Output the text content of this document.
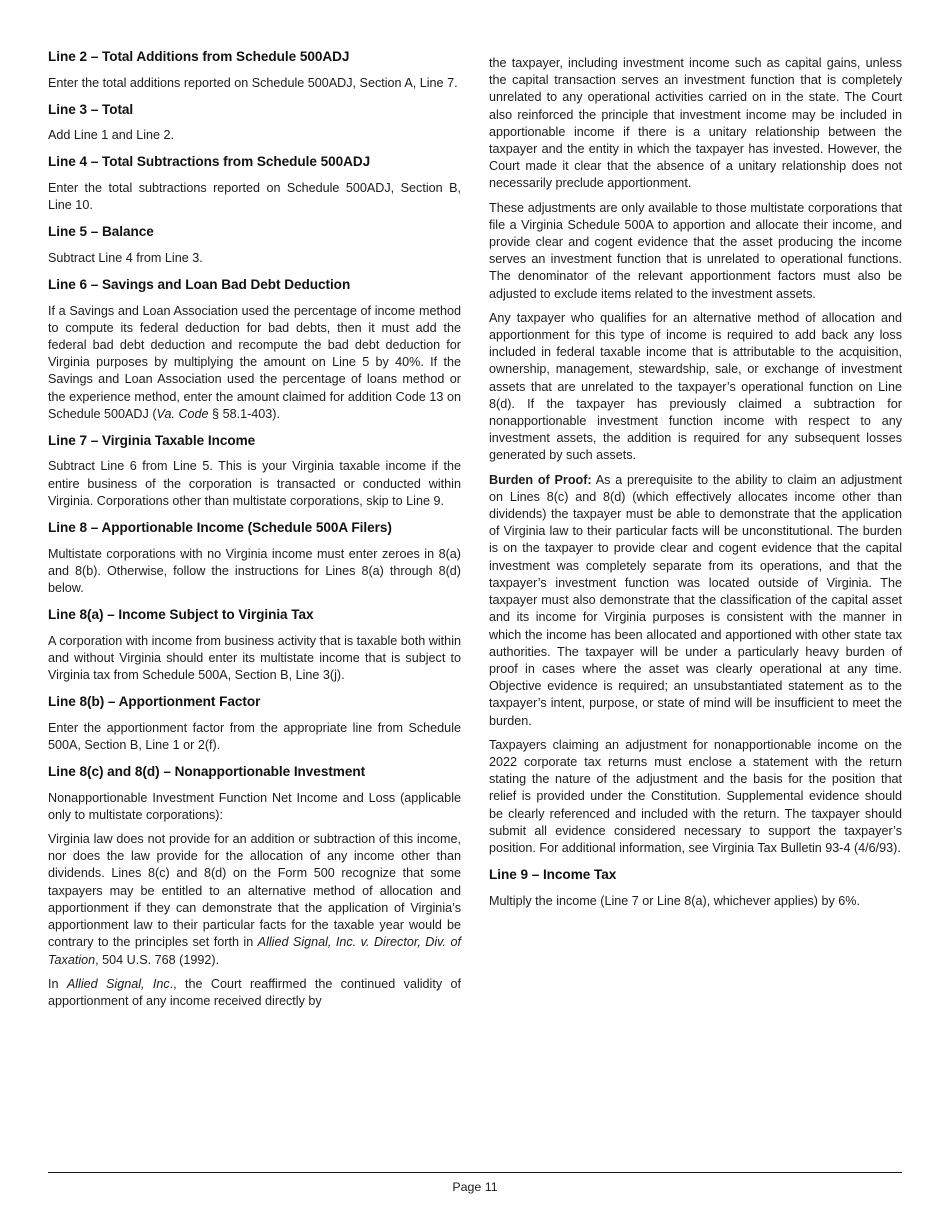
Line 2 – Total Additions from Schedule 500ADJ

Enter the total additions reported on Schedule 500ADJ, Section A, Line 7.

Line 3 – Total

Add Line 1 and Line 2.

Line 4 – Total Subtractions from Schedule 500ADJ

Enter the total subtractions reported on Schedule 500ADJ, Section B, Line 10.

Line 5 – Balance

Subtract Line 4 from Line 3.

Line 6 – Savings and Loan Bad Debt Deduction

If a Savings and Loan Association used the percentage of income method to compute its federal deduction for bad debts, then it must add the federal bad debt deduction and recompute the bad debt deduction for Virginia purposes by multiplying the amount on Line 5 by 40%. If the Savings and Loan Association used the percentage of loans method or the experience method, enter the amount claimed for addition Code 13 on Schedule 500ADJ (Va. Code § 58.1-403).

Line 7 – Virginia Taxable Income

Subtract Line 6 from Line 5. This is your Virginia taxable income if the entire business of the corporation is transacted or conducted within Virginia. Corporations other than multistate corporations, skip to Line 9.

Line 8 – Apportionable Income (Schedule 500A Filers)

Multistate corporations with no Virginia income must enter zeroes in 8(a) and 8(b). Otherwise, follow the instructions for Lines 8(a) through 8(d) below.

Line 8(a) – Income Subject to Virginia Tax

A corporation with income from business activity that is taxable both within and without Virginia should enter its multistate income that is subject to Virginia tax from Schedule 500A, Section B, Line 3(j).

Line 8(b) – Apportionment Factor

Enter the apportionment factor from the appropriate line from Schedule 500A, Section B, Line 1 or 2(f).

Line 8(c) and 8(d) – Nonapportionable Investment

Nonapportionable Investment Function Net Income and Loss (applicable only to multistate corporations):

Virginia law does not provide for an addition or subtraction of this income, nor does the law provide for the allocation of any income other than dividends. Lines 8(c) and 8(d) on the Form 500 recognize that some taxpayers may be entitled to an alternative method of allocation and apportionment if they can demonstrate that the application of Virginia’s apportionment law to their particular facts for the taxable year would be contrary to the principles set forth in Allied Signal, Inc. v. Director, Div. of Taxation, 504 U.S. 768 (1992).

In Allied Signal, Inc., the Court reaffirmed the continued validity of apportionment of any income received directly by

the taxpayer, including investment income such as capital gains, unless the capital transaction serves an investment function that is completely unrelated to any operational activities carried on in the state. The Court also reinforced the principle that investment income may be included in apportionable income if there is a unitary relationship between the taxpayer and the entity in which the taxpayer has invested. However, the Court made it clear that the absence of a unitary relationship does not necessarily preclude apportionment.

These adjustments are only available to those multistate corporations that file a Virginia Schedule 500A to apportion and allocate their income, and provide clear and cogent evidence that the asset producing the income serves an investment function that is unrelated to operational functions. The denominator of the relevant apportionment factors must also be adjusted to exclude items related to the investment assets.

Any taxpayer who qualifies for an alternative method of allocation and apportionment for this type of income is required to add back any loss included in federal taxable income that is attributable to the acquisition, ownership, management, stewardship, sale, or exchange of investment assets that are unrelated to the taxpayer’s operational function on Line 8(d). If the taxpayer has previously claimed a subtraction for nonapportionable investment function income with respect to any investment assets, the addition is required for any subsequent losses generated by such assets.

Burden of Proof: As a prerequisite to the ability to claim an adjustment on Lines 8(c) and 8(d) (which effectively allocates income other than dividends) the taxpayer must be able to demonstrate that the application of Virginia law to their particular facts will be unconstitutional. The burden is on the taxpayer to provide clear and cogent evidence that the capital investment was completely separate from its operations, and that the taxpayer’s investment function was located outside of Virginia. The taxpayer must also demonstrate that the classification of the capital asset and its income for Virginia purposes is consistent with the manner in which the income has been allocated and apportioned with other state tax authorities. The taxpayer will be under a particularly heavy burden of proof in cases where the asset was clearly operational at any time. Objective evidence is required; an unsubstantiated statement as to the taxpayer’s intent, purpose, or state of mind will be insufficient to meet the burden.

Taxpayers claiming an adjustment for nonapportionable income on the 2022 corporate tax returns must enclose a statement with the return stating the nature of the adjustment and the basis for the position that relief is provided under the Constitution. Supplemental evidence should be clearly referenced and included with the return. The taxpayer should submit all evidence considered necessary to support the taxpayer’s position. For additional information, see Virginia Tax Bulletin 93-4 (4/6/93).

Line 9 – Income Tax

Multiply the income (Line 7 or Line 8(a), whichever applies) by 6%.

Page 11
